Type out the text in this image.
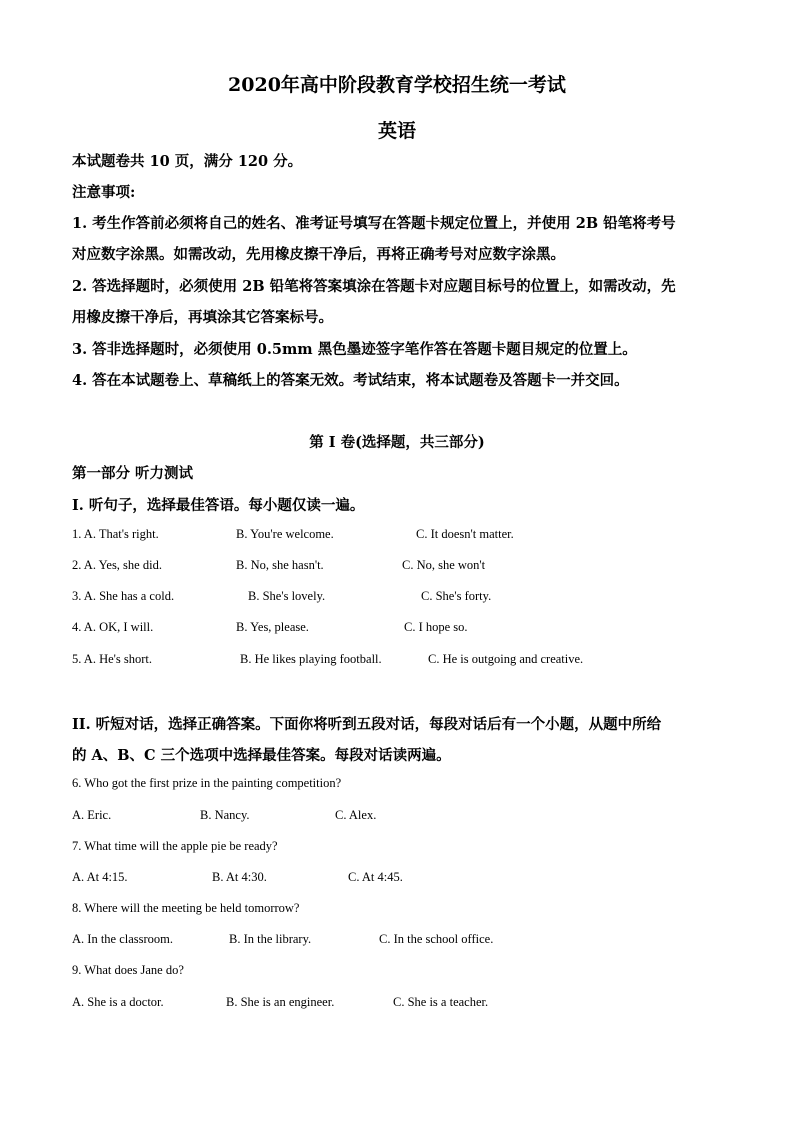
2020年高中阶段教育学校招生统一考试
英语
本试题卷共 10 页，满分 120 分。
注意事项:
1. 考生作答前必须将自己的姓名、准考证号填写在答题卡规定位置上，并使用 2B 铅笔将考号
对应数字涂黑。如需改动，先用橡皮擦干净后，再将正确考号对应数字涂黑。
2. 答选择题时，必须使用 2B 铅笔将答案填涂在答题卡对应题目标号的位置上，如需改动，先
用橡皮擦干净后，再填涂其它答案标号。
3. 答非选择题时，必须使用 0.5mm 黑色墨迹签字笔作答在答题卡题目规定的位置上。
4. 答在本试题卷上、草稿纸上的答案无效。考试结束，将本试题卷及答题卡一并交回。
第 I 卷(选择题，共三部分)
第一部分 听力测试
I. 听句子，选择最佳答语。每小题仅读一遍。
1. A. That's right.	B. You're welcome.	C. It doesn't matter.
2. A. Yes, she did.	B. No, she hasn't.	C. No, she won't
3. A. She has a cold.	B. She's lovely.	C. She's forty.
4. A. OK, I will.	B. Yes, please.	C. I hope so.
5. A. He's short.	B. He likes playing football.	C. He is outgoing and creative.
II. 听短对话，选择正确答案。下面你将听到五段对话，每段对话后有一个小题，从题中所给
的 A、B、C 三个选项中选择最佳答案。每段对话读两遍。
6. Who got the first prize in the painting competition?
A. Eric.	B. Nancy.	C. Alex.
7. What time will the apple pie be ready?
A. At 4:15.	B. At 4:30.	C. At 4:45.
8. Where will the meeting be held tomorrow?
A. In the classroom.	B. In the library.	C. In the school office.
9. What does Jane do?
A. She is a doctor.	B. She is an engineer.	C. She is a teacher.
